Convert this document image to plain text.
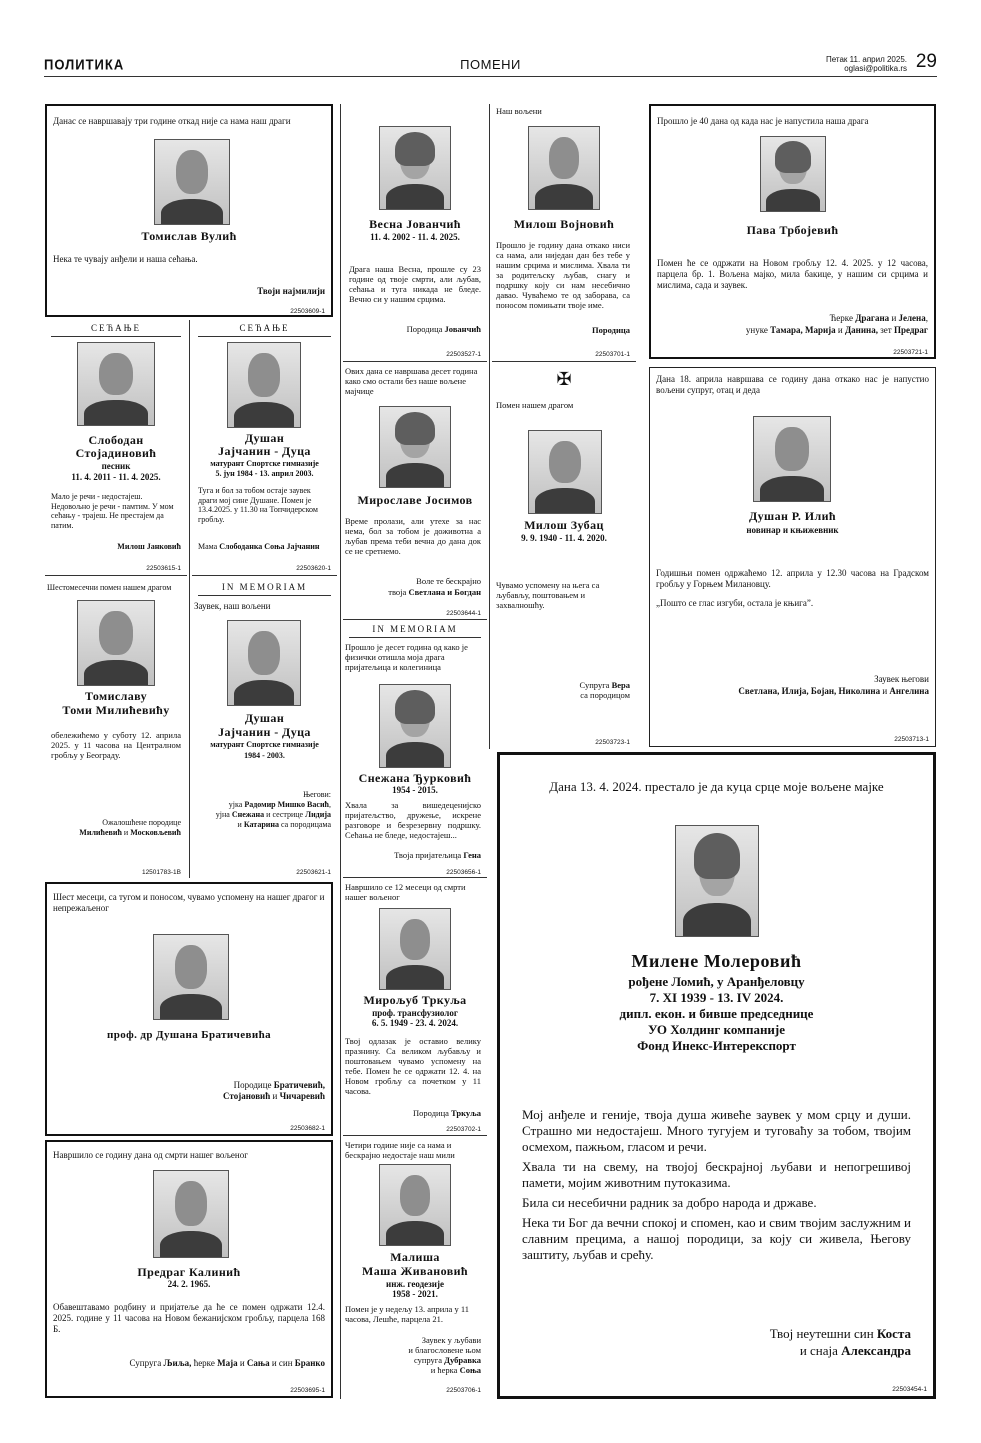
ПОЛИТИКА	ПОМЕНИ	Петак 11. април 2025.
oglasi@politika.rs 29
Данас се навршавају три године откад није са нама наш драги
Томислав Вулић
Нека те чувају анђели и наша сећања.
Твоји најмилији
22503609-1
СЕЋАЊЕ
Слободан
Стојадиновић
песник
11. 4. 2011 - 11. 4. 2025.
Мало је речи - недостајеш. Недовољно је речи - памтим. У мом сећању - трајеш. Не престајем да патим.
Милош Јанковић
22503615-1
СЕЋАЊЕ
Душан
Јајчанин - Дуца
матурант Спортске гимназије
5. јун 1984 - 13. април 2003.
Туга и бол за тобом остаје заувек драги мој сине Душане. Помен је 13.4.2025. у 11.30 на Топчидерском гробљу.
Мама Слободанка Соња Јајчанин
22503620-1
Шестомесечни помен нашем драгом
Томиславу
Томи Милићевићу
обележићемо у суботу 12. априла 2025. у 11 часова на Централном гробљу у Београду.
Ожалошћене породице
Милићевић и Московљевић
12501783-1B
IN MEMORIAM
Заувек, наш вољени
Душан
Јајчанин - Дуца
матурант Спортске гимназије
1984 - 2003.
Његови:
ујка Радомир Мишко Васић,
ујна Снежана и сестрице Лидија
и Катарина са породицама
22503621-1
Весна Јованчић
11. 4. 2002 - 11. 4. 2025.
Драга наша Весна, прошле су 23 године од твоје смрти, али љубав, сећања и туга никада не бледе. Вечно си у нашим срцима.
Породица Јованчић
22503527-1
Ових дана се навршава десет година како смо остали без наше вољене мајчице
Мирославе Јосимов
Време пролази, али утехе за нас нема, бол за тобом је доживотна а љубав према теби вечна до дана док се не сретнемо.
Воле те бескрајно
твоја Светлана и Богдан
22503644-1
IN MEMORIAM
Прошло је десет година од како је физички отишла моја драга пријатељица и колегиница
Снежана Ђурковић
1954 - 2015.
Хвала за вишедеценијско пријатељство, дружење, искрене разговоре и безрезервну подршку. Сећања не бледе, недостајеш...
Твоја пријатељица Гена
22503656-1
Навршило се 12 месеци од смрти нашег вољеног
Мирољуб Тркуља
проф. трансфузиолог
6. 5. 1949 - 23. 4. 2024.
Твој одлазак је оставио велику празнину. Са великом љубављу и поштовањем чувамо успомену на тебе. Помен ће се одржати 12. 4. на Новом гробљу са почетком у 11 часова.
Породица Тркуља
22503702-1
Четири године није са нама и бескрајно недостаје наш мили
Малиша
Маша Живановић
инж. геодезије
1958 - 2021.
Помен је у недељу 13. априла у 11 часова, Лешће, парцела 21.
Заувек у љубави
и благословене њом
супруга Дубравка
и ћерка Соња
22503706-1
Наш вољени
Милош Војновић
Прошло је годину дана откако ниси са нама, али ниједан дан без тебе у нашим срцима и мислима. Хвала ти за родитељску љубав, снагу и подршку коју си нам несебично давао. Чуваћемо те од заборава, са поносом помињати твоје име.
Породица
22503701-1
✠
Помен нашем драгом
Милош Зубац
9. 9. 1940 - 11. 4. 2020.
Чувамо успомену на њега са љубављу, поштовањем и захвалношћу.
Супруга Вера
са породицом
22503723-1
Прошло је 40 дана од када нас је напустила наша драга
Пава Трбојевић
Помен ће се одржати на Новом гробљу 12. 4. 2025. у 12 часова, парцела бр. 1. Вољена мајко, мила бакице, у нашим си срцима и мислима, сада и заувек.
Ћерке Драгана и Јелена,
унуке Тамара, Марија и Данина, зет Предраг
22503721-1
Дана 18. априла навршава се годину дана откако нас је напустио вољени супруг, отац и деда
Душан Р. Илић
новинар и књижевник
Годишњи помен одржаћемо 12. априла у 12.30 часова на Градском гробљу у Горњем Милановцу.
„Пошто се глас изгуби, остала је књига”.
Заувек његови
Светлана, Илија, Бојан, Николина и Ангелина
22503713-1
Шест месеци, са тугом и поносом, чувамо успомену на нашег драгог и непрежаљеног
проф. др Душана Братичевића
Породице Братичевић,
Стојановић и Чичаревић
22503682-1
Навршило се годину дана од смрти нашег вољеног
Предраг Калинић
24. 2. 1965.
Обавештавамо родбину и пријатеље да ће се помен одржати 12.4. 2025. године у 11 часова на Новом бежанијском гробљу, парцела 168 Б.
Супруга Љиља, ћерке Маја и Сања и син Бранко
22503695-1
Дана 13. 4. 2024. престало је да куца срце моје вољене мајке
Милене Молеровић
рођене Ломић, у Аранђеловцу
7. XI 1939 - 13. IV 2024.
дипл. екон. и бивше председнице
УО Холдинг компаније
Фонд Инекс-Интерекспорт

Мој анђеле и геније, твоја душа живеће заувек у мом срцу и души. Страшно ми недостајеш. Много тугујем и туговаћу за тобом, твојим осмехом, пажњом, гласом и речи.

Хвала ти на свему, на твојој бескрајној љубави и непогрешивој памети, мојим животним путоказима.

Била си несебични радник за добро народа и државе.

Нека ти Бог да вечни спокој и спомен, као и свим твојим заслужним и славним прецима, а нашој породици, за коју си живела, Његову заштиту, љубав и срећу.

Твој неутешни син Коста
и снаја Александра
22503454-1
